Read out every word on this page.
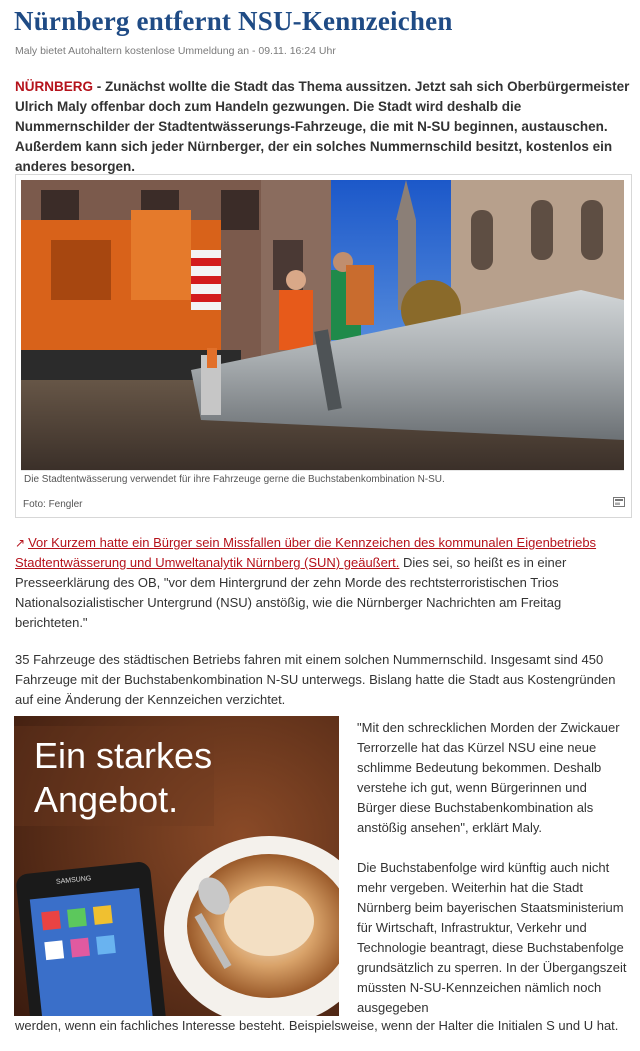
Nürnberg entfernt NSU-Kennzeichen
Maly bietet Autohaltern kostenlose Ummeldung an - 09.11. 16:24 Uhr
NÜRNBERG - Zunächst wollte die Stadt das Thema aussitzen. Jetzt sah sich Oberbürgermeister Ulrich Maly offenbar doch zum Handeln gezwungen. Die Stadt wird deshalb die Nummernschilder der Stadtentwässerungs-Fahrzeuge, die mit N-SU beginnen, austauschen. Außerdem kann sich jeder Nürnberger, der ein solches Nummernschild besitzt, kostenlos ein anderes besorgen.
Die Stadtentwässerung verwendet für ihre Fahrzeuge gerne die Buchstabenkombination N-SU.
Foto: Fengler
↗ Vor Kurzem hatte ein Bürger sein Missfallen über die Kennzeichen des kommunalen Eigenbetriebs Stadtentwässerung und Umweltanalytik Nürnberg (SUN) geäußert. Dies sei, so heißt es in einer Presseerklärung des OB, "vor dem Hintergrund der zehn Morde des rechtsterroristischen Trios Nationalsozialistischer Untergrund (NSU) anstößig, wie die Nürnberger Nachrichten am Freitag berichteten."
35 Fahrzeuge des städtischen Betriebs fahren mit einem solchen Nummernschild. Insgesamt sind 450 Fahrzeuge mit der Buchstabenkombination N-SU unterwegs. Bislang hatte die Stadt aus Kostengründen auf eine Änderung der Kennzeichen verzichtet.
Ein starkes
Angebot.
SAMSUNG

"Mit den schrecklichen Morden der Zwickauer Terrorzelle hat das Kürzel NSU eine neue schlimme Bedeutung bekommen. Deshalb verstehe ich gut, wenn Bürgerinnen und Bürger diese Buchstabenkombination als anstößig ansehen", erklärt Maly.

Die Buchstabenfolge wird künftig auch nicht mehr vergeben. Weiterhin hat die Stadt Nürnberg beim bayerischen Staatsministerium für Wirtschaft, Infrastruktur, Verkehr und Technologie beantragt, diese Buchstabenfolge grundsätzlich zu sperren. In der Übergangszeit müssten N-SU-Kennzeichen nämlich noch ausgegeben

werden, wenn ein fachliches Interesse besteht. Beispielsweise, wenn der Halter die Initialen S und U hat.
